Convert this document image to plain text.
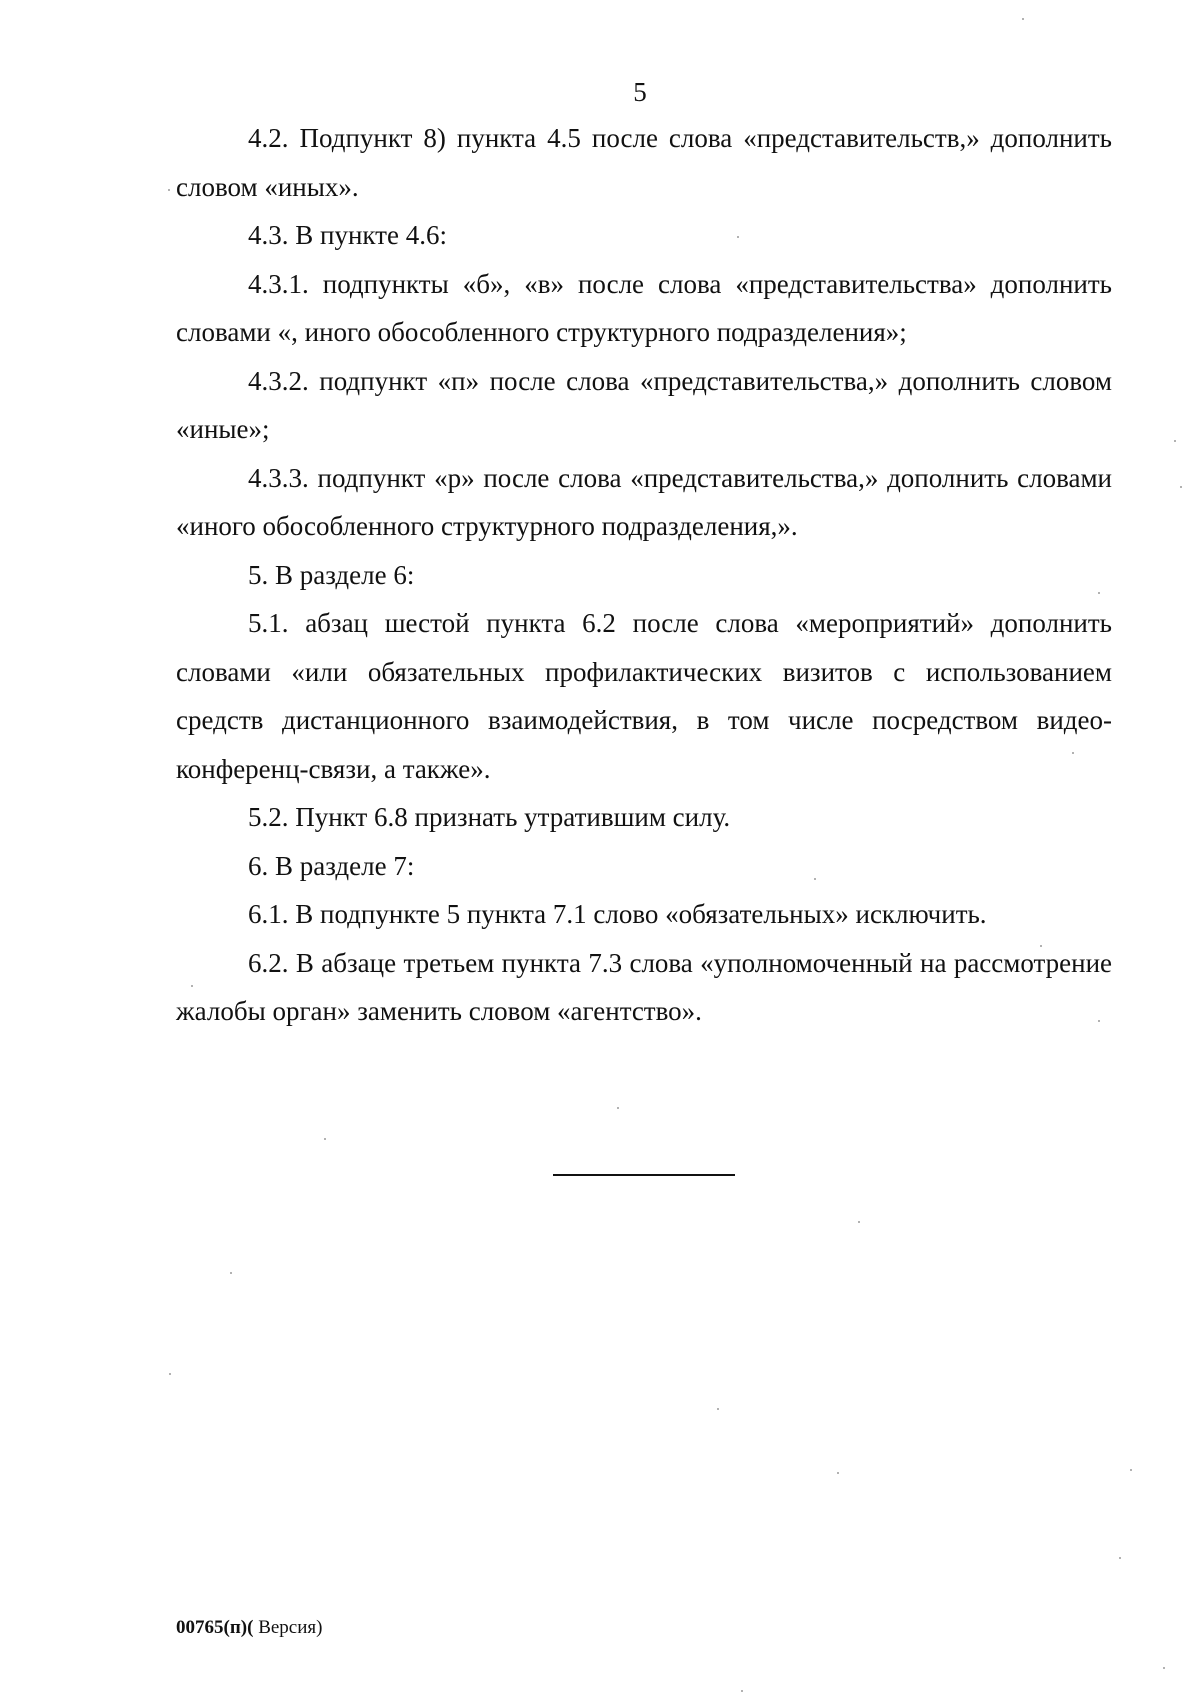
5

4.2. Подпункт 8) пункта 4.5 после слова «представительств,» дополнить словом «иных».

4.3. В пункте 4.6:

4.3.1. подпункты «б», «в» после слова «представительства» дополнить словами «, иного обособленного структурного подразделения»;

4.3.2. подпункт «п» после слова «представительства,» дополнить словом «иные»;

4.3.3. подпункт «р» после слова «представительства,» дополнить словами «иного обособленного структурного подразделения,».

5. В разделе 6:

5.1. абзац шестой пункта 6.2 после слова «мероприятий» дополнить словами «или обязательных профилактических визитов с использованием средств дистанционного взаимодействия, в том числе посредством видео-конференц-связи, а также».

5.2. Пункт 6.8 признать утратившим силу.

6. В разделе 7:

6.1. В подпункте 5 пункта 7.1 слово «обязательных» исключить.

6.2. В абзаце третьем пункта 7.3 слова «уполномоченный на рассмотрение жалобы орган» заменить словом «агентство».

00765(п)( Версия)
